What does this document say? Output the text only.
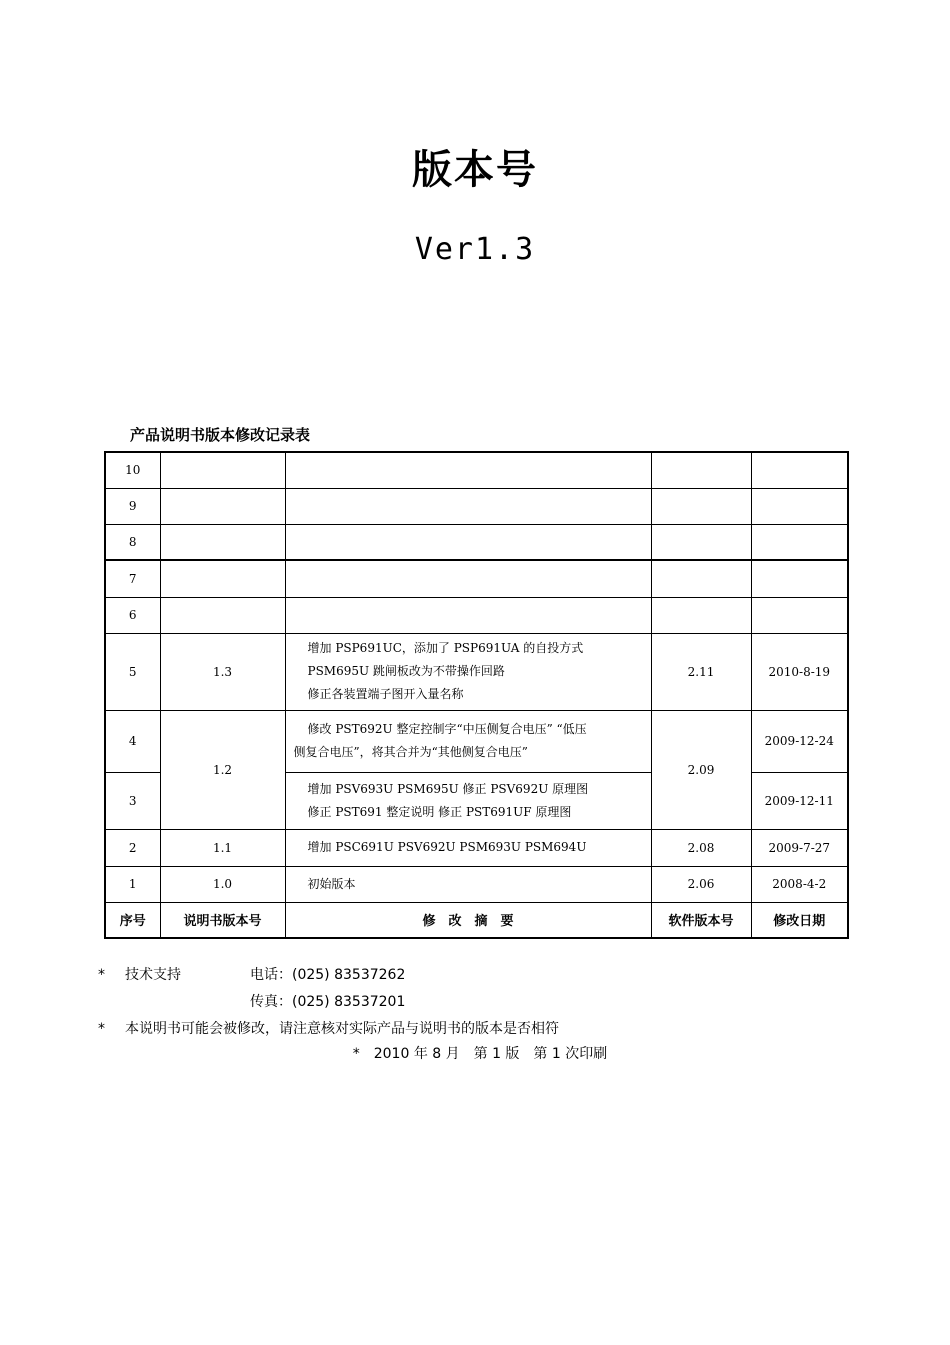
版本号
Ver1.3
产品说明书版本修改记录表
10				
9				
8				
7				
6				
5	1.3	增加 PSP691UC，添加了 PSP691UA 的自投方式
PSM695U 跳闸板改为不带操作回路
修正各装置端子图开入量名称	2.11	2010-8-19
4	1.2	修改 PST692U 整定控制字“中压侧复合电压” “低压
侧复合电压”，将其合并为“其他侧复合电压”	2.09	2009-12-24
3		增加 PSV693U PSM695U 修正 PSV692U 原理图
修正 PST691 整定说明 修正 PST691UF 原理图		2009-12-11
2	1.1	增加 PSC691U PSV692U PSM693U PSM694U	2.08	2009-7-27
1	1.0	初始版本	2.06	2008-4-2
序号	说明书版本号	修　改　摘　要	软件版本号	修改日期
* 技术支持	电话：(025) 83537262
传真：(025) 83537201
* 本说明书可能会被修改，请注意核对实际产品与说明书的版本是否相符
*　2010 年 8 月　第 1 版　第 1 次印刷
